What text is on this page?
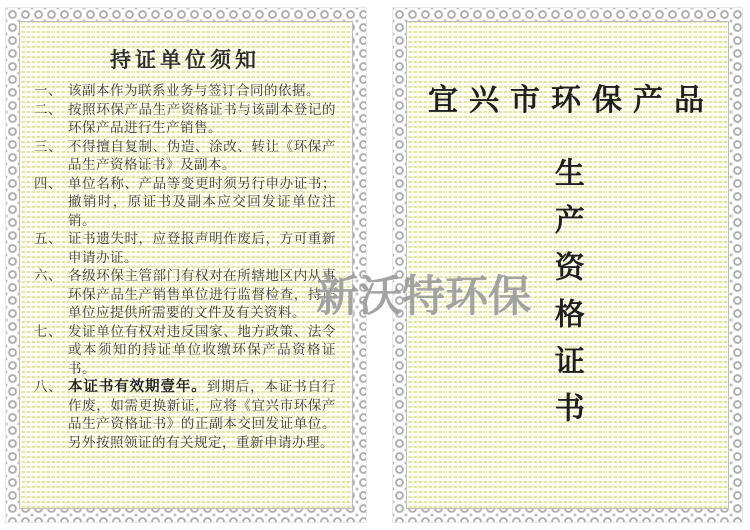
持证单位须知
一、 该副本作为联系业务与签订合同的依据。
二、 按照环保产品生产资格证书与该副本登记的环保产品进行生产销售。
三、 不得擅自复制、伪造、涂改、转让《环保产品生产资格证书》及副本。
四、 单位名称、产品等变更时须另行申办证书；撤销时，原证书及副本应交回发证单位注销。
五、 证书遗失时，应登报声明作废后，方可重新申请办证。
六、 各级环保主管部门有权对在所辖地区内从事环保产品生产销售单位进行监督检查，持证单位应提供所需要的文件及有关资料。
七、 发证单位有权对违反国家、地方政策、法令或本须知的持证单位收缴环保产品资格证书。
八、 本证书有效期壹年。到期后，本证书自行作废，如需更换新证，应将《宜兴市环保产品生产资格证书》的正副本交回发证单位。另外按照领证的有关规定，重新申请办理。
宜兴市环保产品
生产资格证书
新沃特环保
